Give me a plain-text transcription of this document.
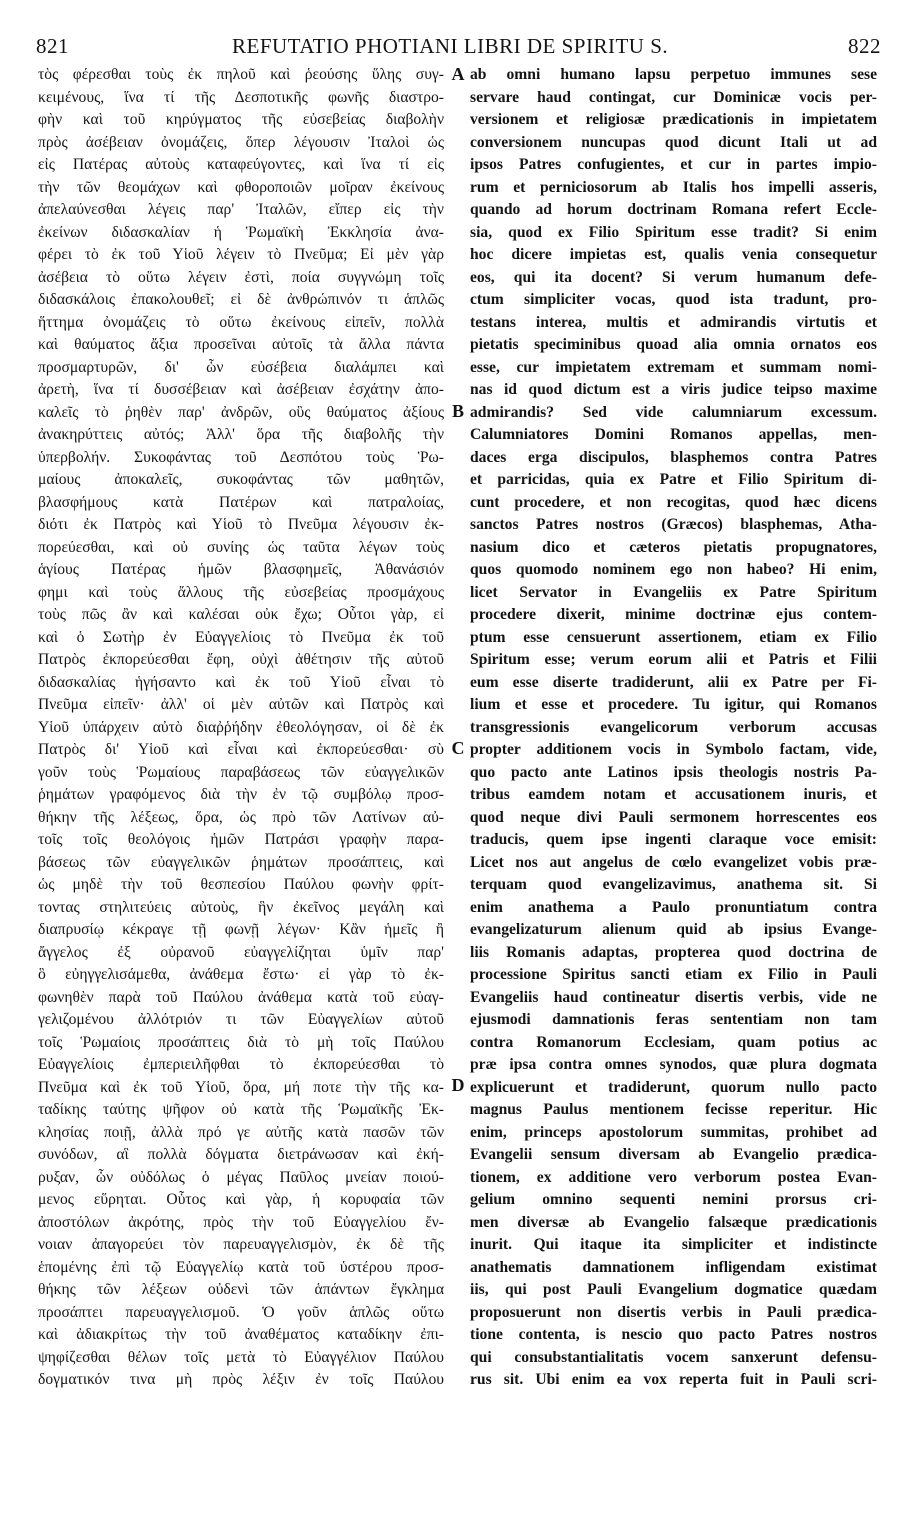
821	REFUTATIO PHOTIANI LIBRI DE SPIRITU S.	822
τὸς φέρεσθαι τοὺς ἐκ πηλοῦ καὶ ῥεούσης ὕλης συγ-
κειμένους, ἵνα τί τῆς Δεσποτικῆς φωνῆς διαστρο-
φὴν καὶ τοῦ κηρύγματος τῆς εὐσεβείας διαβολὴν
πρὸς ἀσέβειαν ὀνομάζεις, ὅπερ λέγουσιν Ἰταλοὶ ὡς
εἰς Πατέρας αὐτοὺς καταφεύγοντες, καὶ ἵνα τί εἰς
τὴν τῶν θεομάχων καὶ φθοροποιῶν μοῖραν ἐκείνους
ἀπελαύνεσθαι λέγεις παρ' Ἰταλῶν, εἴπερ εἰς τὴν
ἐκείνων διδασκαλίαν ἡ Ῥωμαϊκὴ Ἐκκλησία ἀνα-
φέρει τὸ ἐκ τοῦ Υἱοῦ λέγειν τὸ Πνεῦμα; Εἰ μὲν γὰρ
ἀσέβεια τὸ οὕτω λέγειν ἐστὶ, ποία συγγνώμη τοῖς
διδασκάλοις ἐπακολουθεῖ; εἰ δὲ ἀνθρώπινόν τι ἁπλῶς
ἥττημα ὀνομάζεις τὸ οὕτω ἐκείνους εἰπεῖν, πολλὰ
καὶ θαύματος ἄξια προσεῖναι αὐτοῖς τὰ ἄλλα πάντα
προσμαρτυρῶν, δι' ὧν εὐσέβεια διαλάμπει καὶ
ἀρετὴ, ἵνα τί δυσσέβειαν καὶ ἀσέβειαν ἐσχάτην ἀπο-
καλεῖς τὸ ῥηθὲν παρ' ἀνδρῶν, οὓς θαύματος ἀξίους
ἀνακηρύττεις αὐτός; Ἀλλ' ὅρα τῆς διαβολῆς τὴν
ὑπερβολήν. Συκοφάντας τοῦ Δεσπότου τοὺς Ῥω-
μαίους ἀποκαλεῖς, συκοφάντας τῶν μαθητῶν,
βλασφήμους κατὰ Πατέρων καὶ πατραλοίας,
διότι ἐκ Πατρὸς καὶ Υἱοῦ τὸ Πνεῦμα λέγουσιν ἐκ-
πορεύεσθαι, καὶ οὐ συνίης ὡς ταῦτα λέγων τοὺς
ἁγίους Πατέρας ἡμῶν βλασφημεῖς, Ἀθανάσιόν
φημι καὶ τοὺς ἄλλους τῆς εὐσεβείας προσμάχους
τοὺς πῶς ἂν καὶ καλέσαι οὐκ ἔχω; Οὗτοι γὰρ, εἰ
καὶ ὁ Σωτὴρ ἐν Εὐαγγελίοις τὸ Πνεῦμα ἐκ τοῦ
Πατρὸς ἐκπορεύεσθαι ἔφη, οὐχὶ ἀθέτησιν τῆς αὐτοῦ
διδασκαλίας ἡγήσαντο καὶ ἐκ τοῦ Υἱοῦ εἶναι τὸ
Πνεῦμα εἰπεῖν· ἀλλ' οἱ μὲν αὐτῶν καὶ Πατρὸς καὶ
Υἱοῦ ὑπάρχειν αὐτὸ διαῤῥήδην ἐθεολόγησαν, οἱ δὲ ἐκ
Πατρὸς δι' Υἱοῦ καὶ εἶναι καὶ ἐκπορεύεσθαι· σὺ
γοῦν τοὺς Ῥωμαίους παραβάσεως τῶν εὐαγγελικῶν
ῥημάτων γραφόμενος διὰ τὴν ἐν τῷ συμβόλῳ προσ-
θήκην τῆς λέξεως, ὅρα, ὡς πρὸ τῶν Λατίνων αὐ-
τοῖς τοῖς θεολόγοις ἡμῶν Πατράσι γραφὴν παρα-
βάσεως τῶν εὐαγγελικῶν ῥημάτων προσάπτεις, καὶ
ὡς μηδὲ τὴν τοῦ θεσπεσίου Παύλου φωνὴν φρίτ-
τοντας στηλιτεύεις αὐτοὺς, ἣν ἐκεῖνος μεγάλη καὶ
διαπρυσίῳ κέκραγε τῇ φωνῇ λέγων· Κἂν ἡμεῖς ἢ
ἄγγελος ἐξ οὐρανοῦ εὐαγγελίζηται ὑμῖν παρ'
ὃ εὐηγγελισάμεθα, ἀνάθεμα ἔστω· εἰ γὰρ τὸ ἐκ-
φωνηθὲν παρὰ τοῦ Παύλου ἀνάθεμα κατὰ τοῦ εὐαγ-
γελιζομένου ἀλλότριόν τι τῶν Εὐαγγελίων αὐτοῦ
τοῖς Ῥωμαίοις προσάπτεις διὰ τὸ μὴ τοῖς Παύλου
Εὐαγγελίοις ἐμπεριειλῆφθαι τὸ ἐκπορεύεσθαι τὸ
Πνεῦμα καὶ ἐκ τοῦ Υἱοῦ, ὅρα, μή ποτε τὴν τῆς κα-
ταδίκης ταύτης ψῆφον οὐ κατὰ τῆς Ῥωμαϊκῆς Ἐκ-
κλησίας ποιῇ, ἀλλὰ πρό γε αὐτῆς κατὰ πασῶν τῶν
συνόδων, αἳ πολλὰ δόγματα διετράνωσαν καὶ ἐκή-
ρυξαν, ὧν οὐδόλως ὁ μέγας Παῦλος μνείαν ποιού-
μενος εὕρηται. Οὗτος καὶ γὰρ, ἡ κορυφαία τῶν
ἀποστόλων ἀκρότης, πρὸς τὴν τοῦ Εὐαγγελίου ἔν-
νοιαν ἀπαγορεύει τὸν παρευαγγελισμὸν, ἐκ δὲ τῆς
ἑπομένης ἐπὶ τῷ Εὐαγγελίῳ κατὰ τοῦ ὑστέρου προσ-
θήκης τῶν λέξεων οὐδενὶ τῶν ἁπάντων ἔγκλημα
προσάπτει παρευαγγελισμοῦ. Ὁ γοῦν ἁπλῶς οὕτω
καὶ ἀδιακρίτως τὴν τοῦ ἀναθέματος καταδίκην ἐπι-
ψηφίζεσθαι θέλων τοῖς μετὰ τὸ Εὐαγγέλιον Παύλου
δογματικόν τινα μὴ πρὸς λέξιν ἐν τοῖς Παύλου
ab omni humano lapsu perpetuo immunes sese
servare haud contingat, cur Dominicæ vocis per-
versionem et religiosæ prædicationis in impietatem
conversionem nuncupas quod dicunt Itali ut ad
ipsos Patres confugientes, et cur in partes impio-
rum et perniciosorum ab Italis hos impelli asseris,
quando ad horum doctrinam Romana refert Eccle-
sia, quod ex Filio Spiritum esse tradit? Si enim
hoc dicere impietas est, qualis venia consequetur
eos, qui ita docent? Si verum humanum defe-
ctum simpliciter vocas, quod ista tradunt, pro-
testans interea, multis et admirandis virtutis et
pietatis speciminibus quoad alia omnia ornatos eos
esse, cur impietatem extremam et summam nomi-
nas id quod dictum est a viris judice teipso maxime
admirandis? Sed vide calumniarum excessum.
Calumniatores Domini Romanos appellas, men-
daces erga discipulos, blasphemos contra Patres
et parricidas, quia ex Patre et Filio Spiritum di-
cunt procedere, et non recogitas, quod hæc dicens
sanctos Patres nostros (Græcos) blasphemas, Atha-
nasium dico et cæteros pietatis propugnatores,
quos quomodo nominem ego non habeo? Hi enim,
licet Servator in Evangeliis ex Patre Spiritum
procedere dixerit, minime doctrinæ ejus contem-
ptum esse censuerunt assertionem, etiam ex Filio
Spiritum esse; verum eorum alii et Patris et Filii
eum esse diserte tradiderunt, alii ex Patre per Fi-
lium et esse et procedere. Tu igitur, qui Romanos
transgressionis evangelicorum verborum accusas
propter additionem vocis in Symbolo factam, vide,
quo pacto ante Latinos ipsis theologis nostris Pa-
tribus eamdem notam et accusationem inuris, et
quod neque divi Pauli sermonem horrescentes eos
traducis, quem ipse ingenti claraque voce emisit:
Licet nos aut angelus de cœlo evangelizet vobis præ-
terquam quod evangelizavimus, anathema sit. Si
enim anathema a Paulo pronuntiatum contra
evangelizaturum alienum quid ab ipsius Evange-
liis Romanis adaptas, propterea quod doctrina de
processione Spiritus sancti etiam ex Filio in Pauli
Evangeliis haud contineatur disertis verbis, vide ne
ejusmodi damnationis feras sententiam non tam
contra Romanorum Ecclesiam, quam potius ac
præ ipsa contra omnes synodos, quæ plura dogmata
explicuerunt et tradiderunt, quorum nullo pacto
magnus Paulus mentionem fecisse reperitur. Hic
enim, princeps apostolorum summitas, prohibet ad
Evangelii sensum diversam ab Evangelio prædica-
tionem, ex additione vero verborum postea Evan-
gelium omnino sequenti nemini prorsus cri-
men diversæ ab Evangelio falsæque prædicationis
inurit. Qui itaque ita simpliciter et indistincte
anathematis damnationem infligendam existimat
iis, qui post Pauli Evangelium dogmatice quædam
proposuerunt non disertis verbis in Pauli prædica-
tione contenta, is nescio quo pacto Patres nostros
qui consubstantialitatis vocem sanxerunt defensu-
rus sit. Ubi enim ea vox reperta fuit in Pauli scri-
A
B
C
D
